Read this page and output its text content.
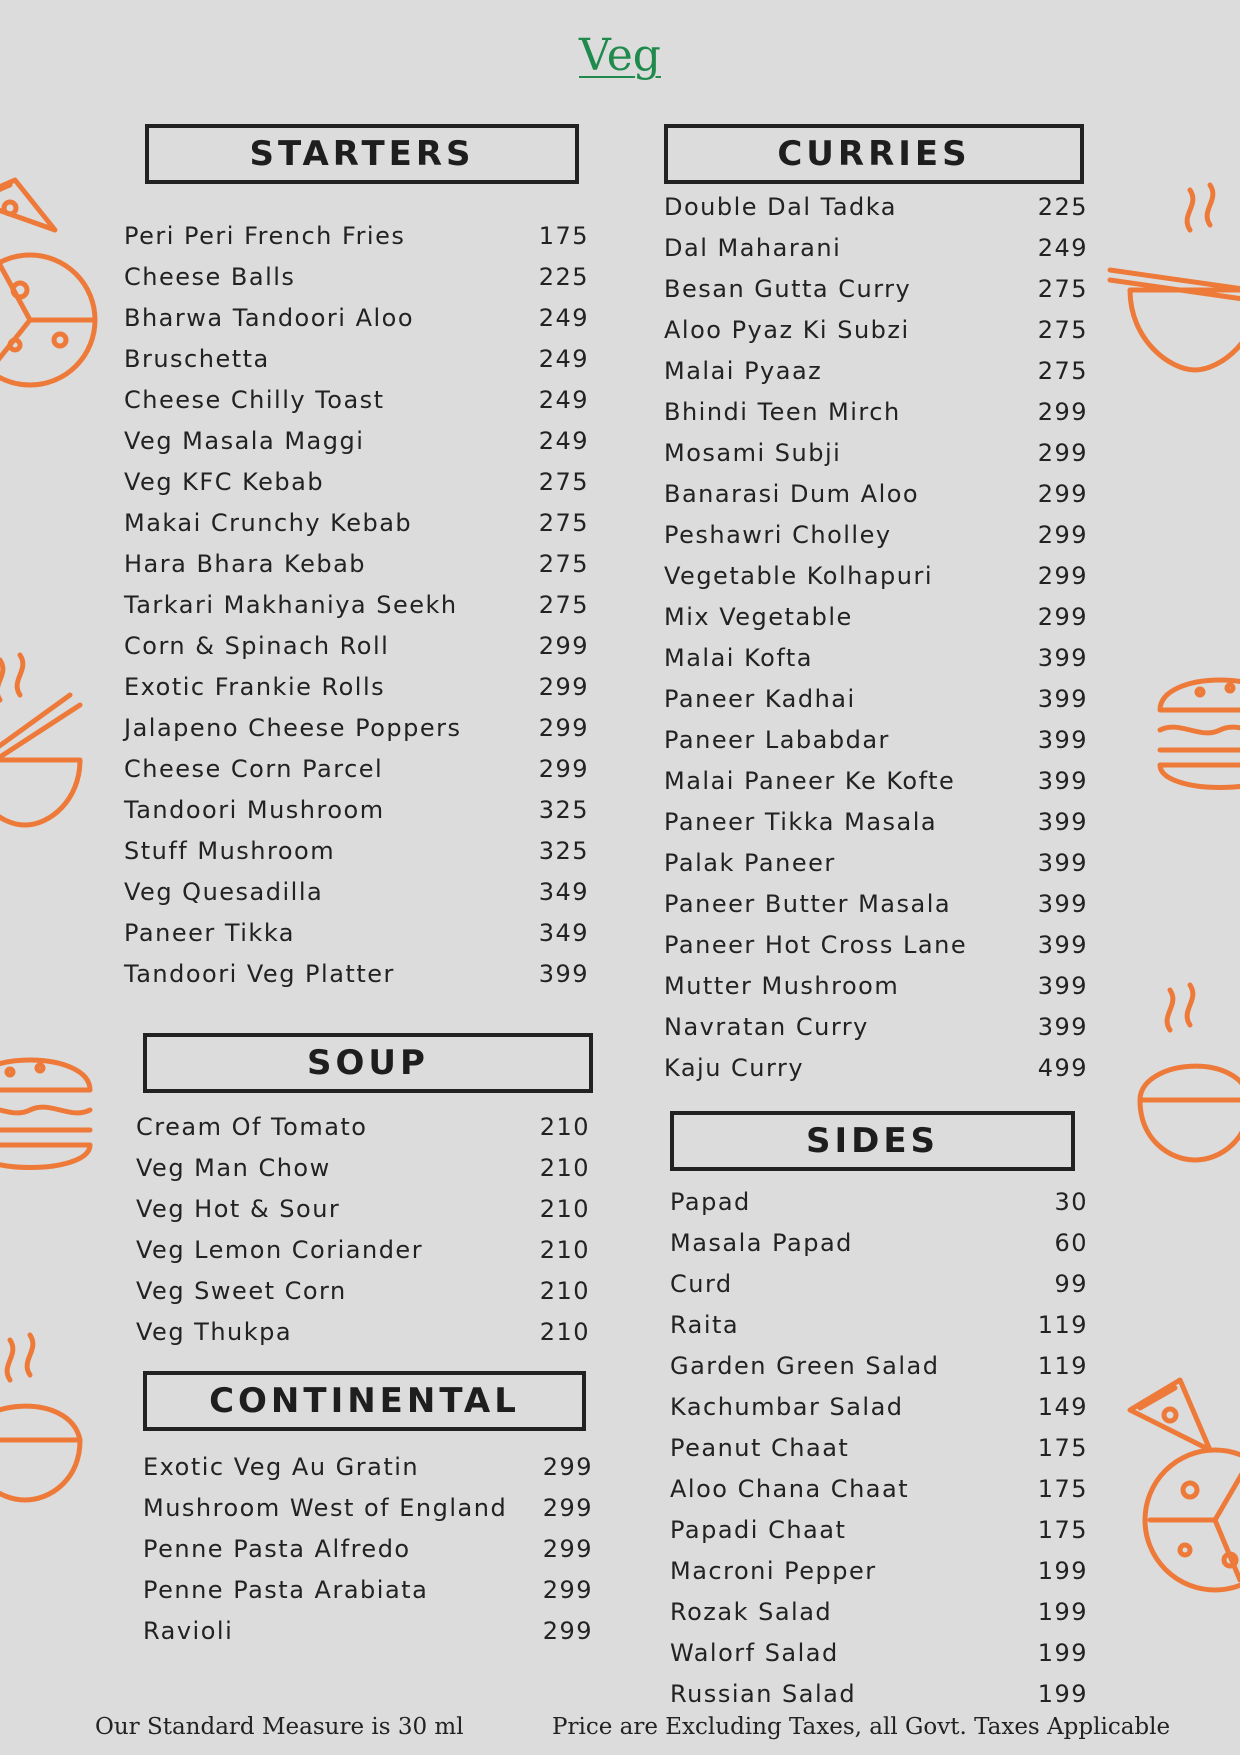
Veg
STARTERS
Peri Peri French Fries	175
Cheese Balls	225
Bharwa Tandoori Aloo	249
Bruschetta	249
Cheese Chilly Toast	249
Veg Masala Maggi	249
Veg KFC Kebab	275
Makai Crunchy Kebab	275
Hara Bhara Kebab	275
Tarkari Makhaniya Seekh	275
Corn & Spinach Roll	299
Exotic Frankie Rolls	299
Jalapeno Cheese Poppers	299
Cheese Corn Parcel	299
Tandoori Mushroom	325
Stuff Mushroom	325
Veg Quesadilla	349
Paneer Tikka	349
Tandoori Veg Platter	399
SOUP
Cream Of Tomato	210
Veg Man Chow	210
Veg Hot & Sour	210
Veg Lemon Coriander	210
Veg Sweet Corn	210
Veg Thukpa	210
CONTINENTAL
Exotic Veg Au Gratin	299
Mushroom West of England 299
Penne Pasta Alfredo	299
Penne Pasta Arabiata	299
Ravioli	299
CURRIES
Double Dal Tadka	225
Dal Maharani	249
Besan Gutta Curry	275
Aloo Pyaz Ki Subzi	275
Malai Pyaaz	275
Bhindi Teen Mirch	299
Mosami Subji	299
Banarasi Dum Aloo	299
Peshawri Cholley	299
Vegetable Kolhapuri	299
Mix Vegetable	299
Malai Kofta	399
Paneer Kadhai	399
Paneer Lababdar	399
Malai Paneer Ke Kofte	399
Paneer Tikka Masala	399
Palak Paneer	399
Paneer Butter Masala	399
Paneer Hot Cross Lane	399
Mutter Mushroom	399
Navratan Curry	399
Kaju Curry	499
SIDES
Papad	30
Masala Papad	60
Curd	99
Raita	119
Garden Green Salad	119
Kachumbar Salad	149
Peanut Chaat	175
Aloo Chana Chaat	175
Papadi Chaat	175
Macroni Pepper	199
Rozak Salad	199
Walorf Salad	199
Russian Salad	199
Our Standard Measure is 30 ml	Price are Excluding Taxes, all Govt. Taxes Applicable
